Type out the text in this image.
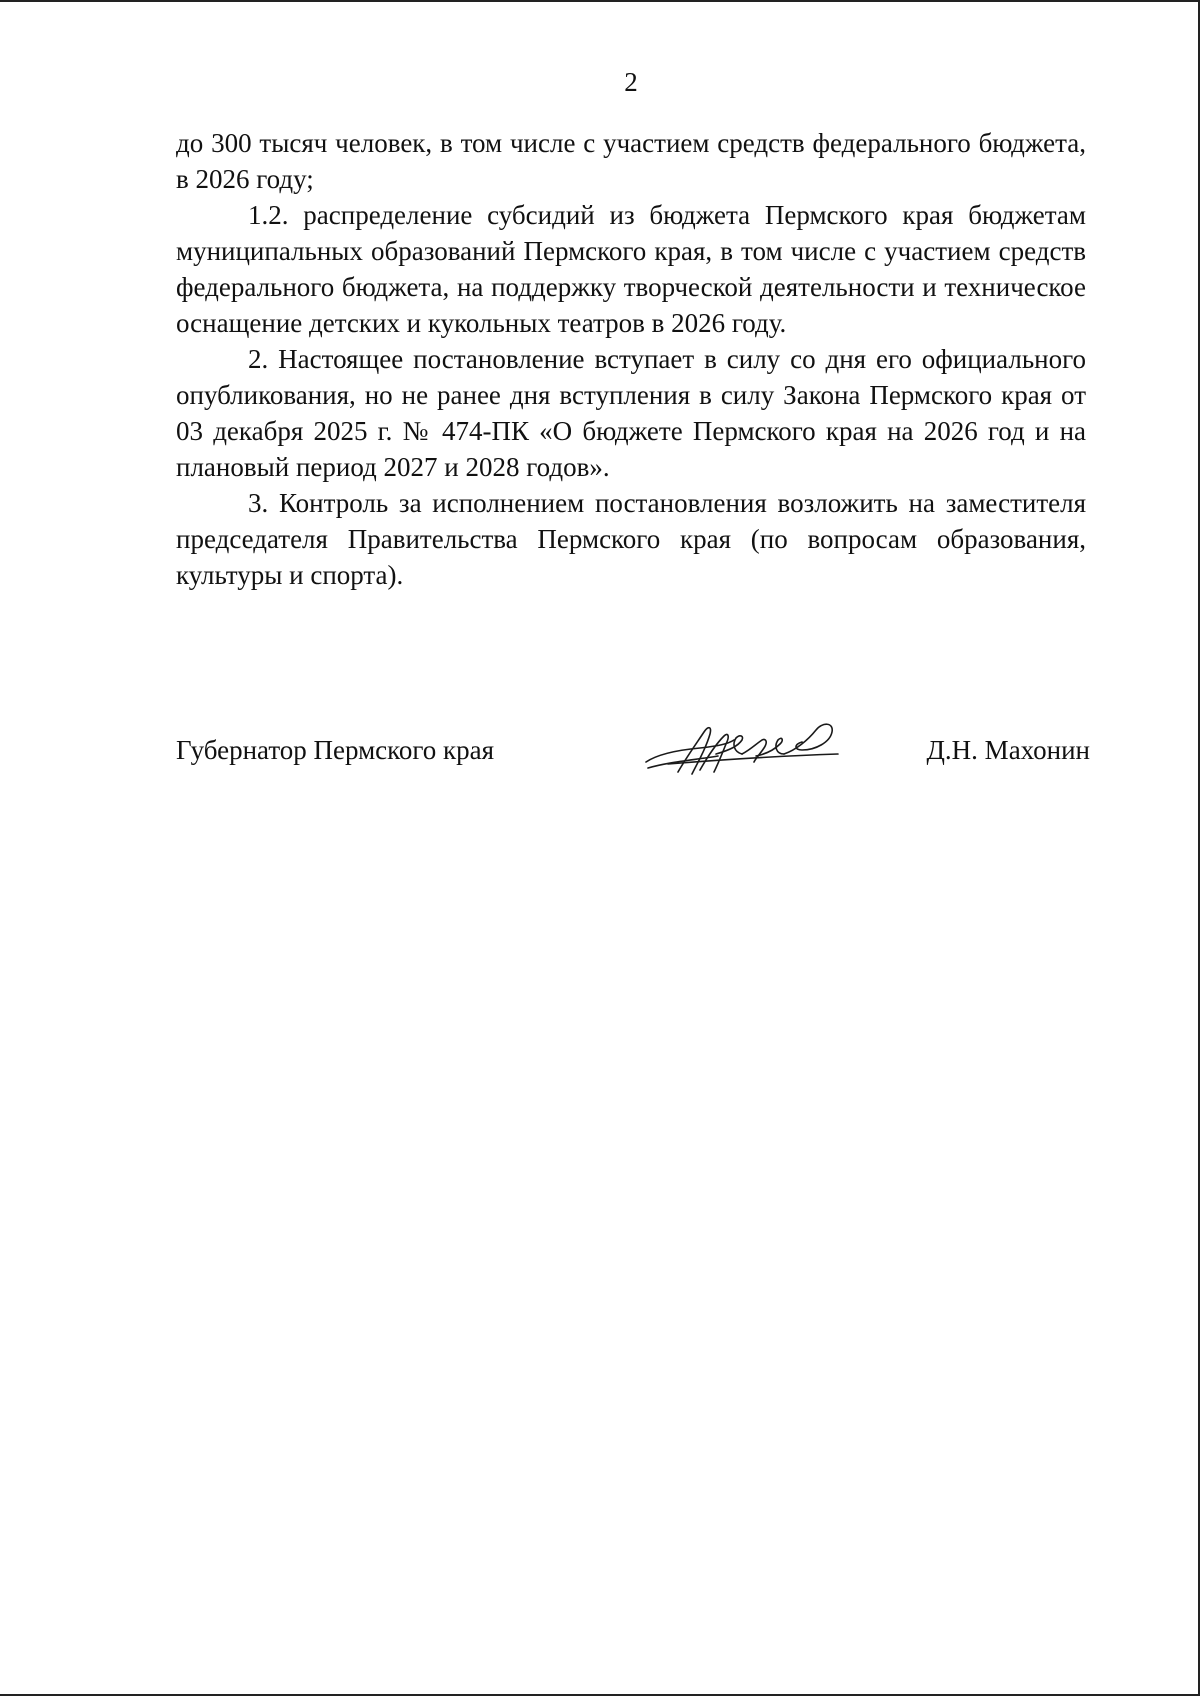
2

до 300 тысяч человек, в том числе с участием средств федерального бюджета, в 2026 году;

1.2. распределение субсидий из бюджета Пермского края бюджетам муниципальных образований Пермского края, в том числе с участием средств федерального бюджета, на поддержку творческой деятельности и техническое оснащение детских и кукольных театров в 2026 году.

2. Настоящее постановление вступает в силу со дня его официального опубликования, но не ранее дня вступления в силу Закона Пермского края от 03 декабря 2025 г. № 474-ПК «О бюджете Пермского края на 2026 год и на плановый период 2027 и 2028 годов».

3. Контроль за исполнением постановления возложить на заместителя председателя Правительства Пермского края (по вопросам образования, культуры и спорта).

Губернатор Пермского края	Д.Н. Махонин
